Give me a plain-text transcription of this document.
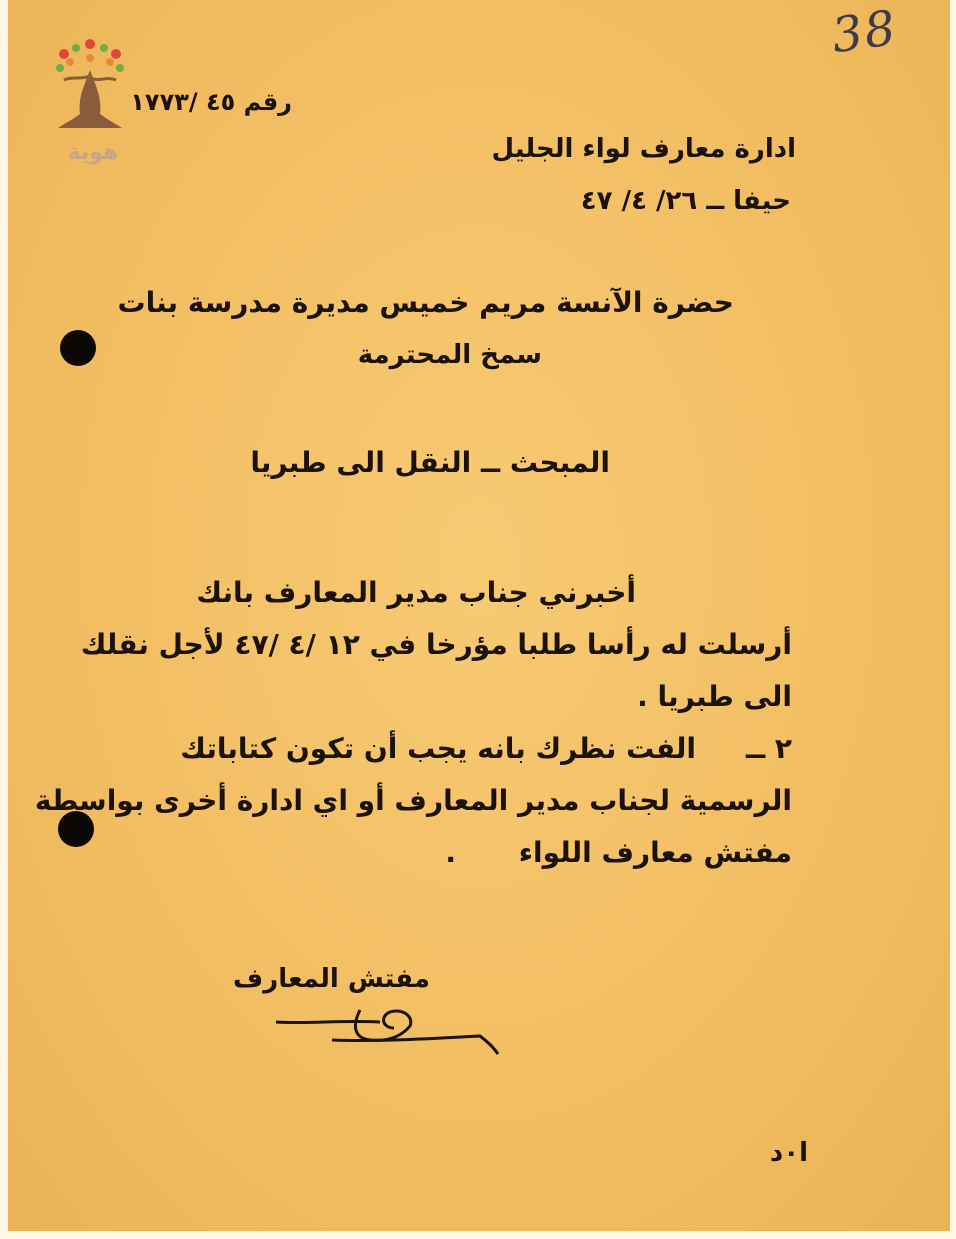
هوية
38
رقم ٤٥ /١٧٧٣
ادارة معارف لواء الجليل
حيفا ــ ٢٦/ ٤/ ٤٧
حضرة الآنسة مريم خميس مديرة مدرسة بنات
سمخ المحترمة
المبحث ــ النقل الى طبريا
أخبرني جناب مدير المعارف بانك
أرسلت له رأسا طلبا مؤرخا في ١٢ /٤ /٤٧ لأجل نقلك
الى طبريا .
٢ ــ
الفت نظرك بانه يجب أن تكون كتاباتك
الرسمية لجناب مدير المعارف أو اي ادارة أخرى بواسطة
مفتش معارف اللواء
.
مفتش المعارف
ا٠د
